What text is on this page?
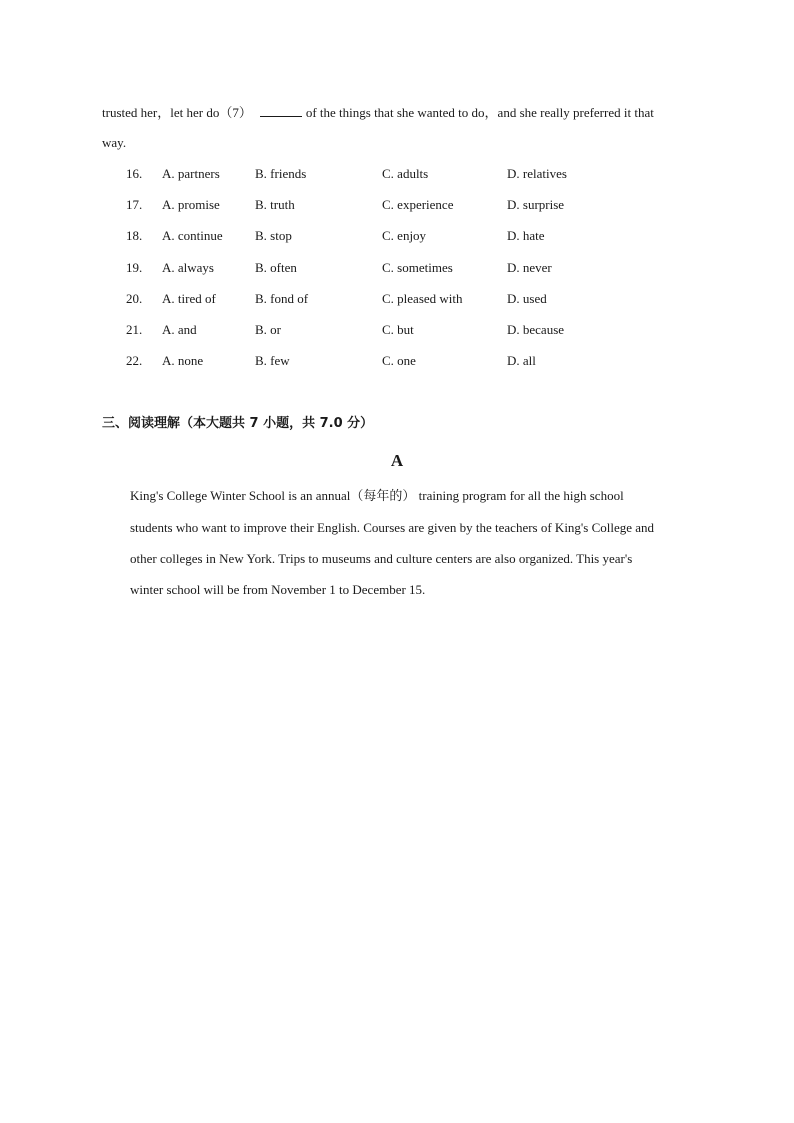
trusted her，let her do（7）	of the things that she wanted to do，and she really preferred it that
way.
16. A. partners	B. friends	C. adults	D. relatives
17. A. promise	B. truth	C. experience	D. surprise
18. A. continue B. stop	C. enjoy	D. hate
19. A. always	B. often	C. sometimes	D. never
20. A. tired of	B. fond of	C. pleased with	D. used
21. A. and	B. or	C. but	D. because
22. A. none	B. few	C. one	D. all
三、阅读理解（本大题共 7 小题，共 7.0 分）
A
King's College Winter School is an annual（每年的） training program for all the high school
students who want to improve their English. Courses are given by the teachers of King's College and
other colleges in New York. Trips to museums and culture centers are also organized. This year's
winter school will be from November 1 to December 15.
